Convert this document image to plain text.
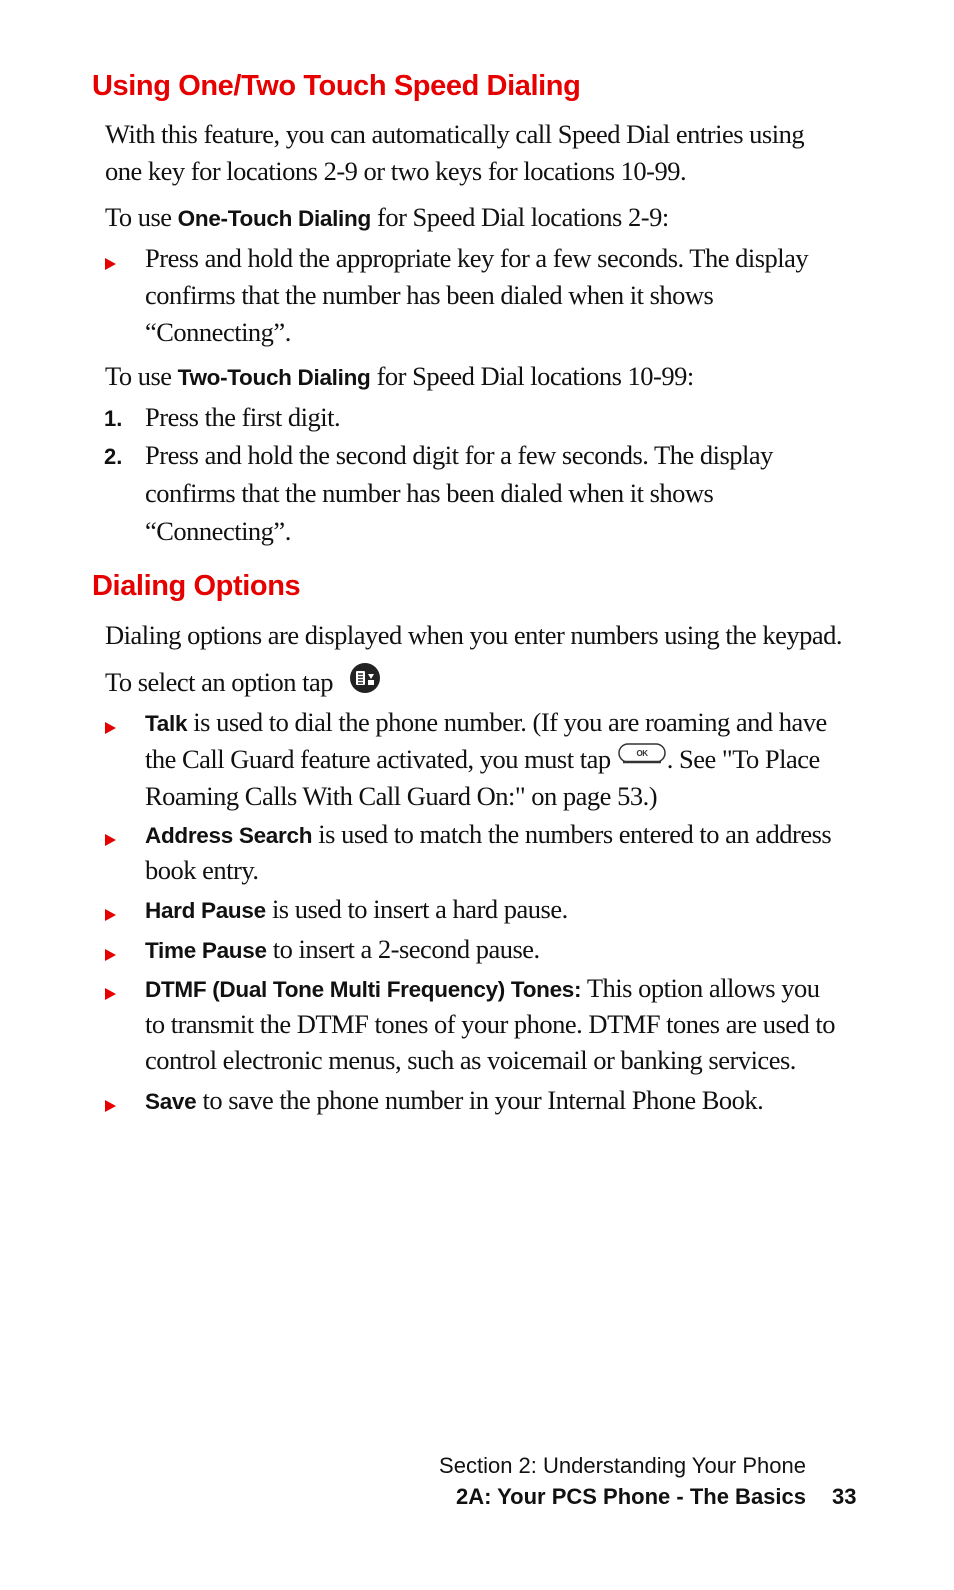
Using One/Two Touch Speed Dialing

With this feature, you can automatically call Speed Dial entries using

one key for locations 2-9 or two keys for locations 10-99.

To use One-Touch Dialing for Speed Dial locations 2-9:

Press and hold the appropriate key for a few seconds. The display

confirms that the number has been dialed when it shows

“Connecting”.

To use Two-Touch Dialing for Speed Dial locations 10-99:

1. Press the first digit.

2. Press and hold the second digit for a few seconds. The display

confirms that the number has been dialed when it shows

“Connecting”.

Dialing Options

Dialing options are displayed when you enter numbers using the keypad.

To select an option tap

Talk is used to dial the phone number. (If you are roaming and have

the Call Guard feature activated, you must tap OK . See "To Place

Roaming Calls With Call Guard On:" on page 53.)

Address Search is used to match the numbers entered to an address

book entry.

Hard Pause is used to insert a hard pause.

Time Pause to insert a 2-second pause.

DTMF (Dual Tone Multi Frequency) Tones: This option allows you

to transmit the DTMF tones of your phone. DTMF tones are used to

control electronic menus, such as voicemail or banking services.

Save to save the phone number in your Internal Phone Book.

Section 2: Understanding Your Phone
2A: Your PCS Phone - The Basics 33
